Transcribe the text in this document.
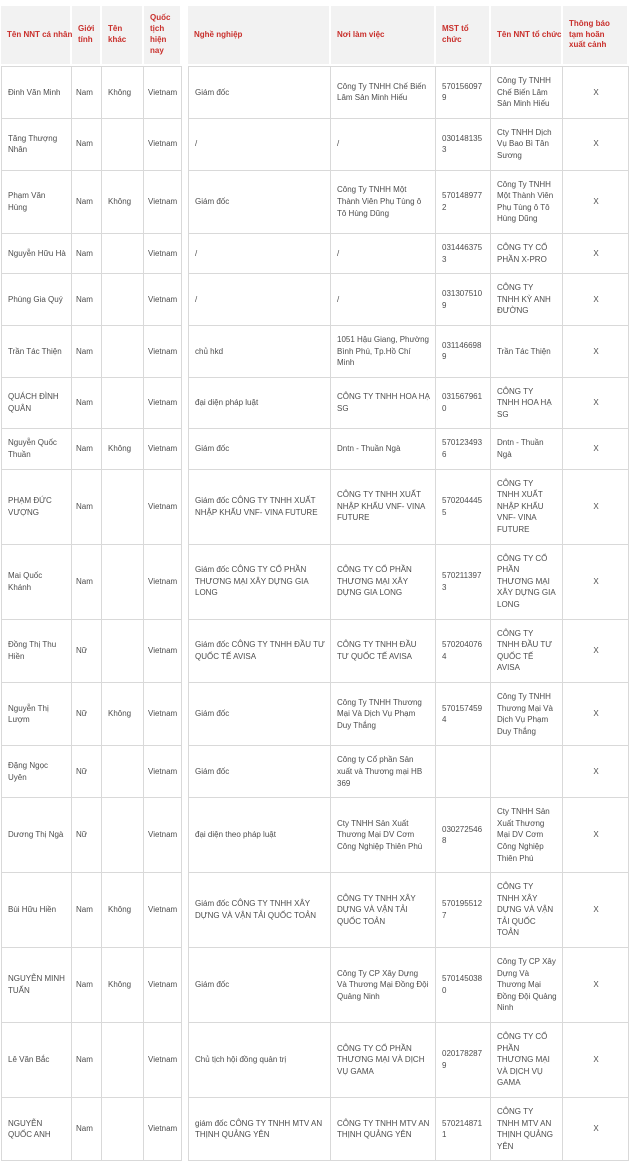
Tên NNT cá nhân	Giới tính	Tên khác	Quốc tịch hiện nay		Nghề nghiệp	Nơi làm việc	MST tổ chức	Tên NNT tổ chức	Thông báo tạm hoãn xuất cảnh
Đinh Văn Minh	Nam	Không	Vietnam		Giám đốc	Công Ty TNHH Chế Biến Lâm Sản Minh Hiếu	5701560979	Công Ty TNHH Chế Biến Lâm Sản Minh Hiếu	X
Tăng Thượng Nhân	Nam		Vietnam		/	/	0301481353	Cty TNHH Dịch Vụ Bao Bì Tân Sương	X
Phạm Văn Hùng	Nam	Không	Vietnam		Giám đốc	Công Ty TNHH Một Thành Viên Phụ Tùng ô Tô Hùng Dũng	5701489772	Công Ty TNHH Một Thành Viên Phụ Tùng ô Tô Hùng Dũng	X
Nguyễn Hữu Hà	Nam		Vietnam		/	/	0314463753	CÔNG TY CỔ PHẦN X-PRO	X
Phùng Gia Quý	Nam		Vietnam		/	/	0313075109	CÔNG TY TNHH KỲ ANH ĐƯỜNG	X
Trần Tác Thiện	Nam		Vietnam		chủ hkd	1051 Hậu Giang, Phường Bình Phú, Tp.Hồ Chí Minh	0311466989	Trần Tác Thiện	X
QUÁCH ĐÌNH QUÂN	Nam		Vietnam		đại diện pháp luật	CÔNG TY TNHH HOA HẠ SG	0315679610	CÔNG TY TNHH HOA HẠ SG	X
Nguyễn Quốc Thuần	Nam	Không	Vietnam		Giám đốc	Dntn - Thuần Ngà	5701234936	Dntn - Thuần Ngà	X
PHẠM ĐỨC VƯỢNG	Nam		Vietnam		Giám đốc CÔNG TY TNHH XUẤT NHẬP KHẨU VNF- VINA FUTURE	CÔNG TY TNHH XUẤT NHẬP KHẨU VNF- VINA FUTURE	5702044455	CÔNG TY TNHH XUẤT NHẬP KHẨU VNF- VINA FUTURE	X
Mai Quốc Khánh	Nam		Vietnam		Giám đốc CÔNG TY CỔ PHẦN THƯƠNG MẠI XÂY DỰNG GIA LONG	CÔNG TY CỔ PHẦN THƯƠNG MẠI XÂY DỰNG GIA LONG	5702113973	CÔNG TY CỔ PHẦN THƯƠNG MẠI XÂY DỰNG GIA LONG	X
Đồng Thị Thu Hiền	Nữ		Vietnam		Giám đốc CÔNG TY TNHH ĐẦU TƯ QUỐC TẾ AVISA	CÔNG TY TNHH ĐẦU TƯ QUỐC TẾ AVISA	5702040764	CÔNG TY TNHH ĐẦU TƯ QUỐC TẾ AVISA	X
Nguyễn Thị Lượm	Nữ	Không	Vietnam		Giám đốc	Công Ty TNHH Thương Mại Và Dịch Vụ Phạm Duy Thắng	5701574594	Công Ty TNHH Thương Mại Và Dịch Vụ Phạm Duy Thắng	X
Đặng Ngọc Uyên	Nữ		Vietnam		Giám đốc	Công ty Cổ phần Sản xuất và Thương mại HB 369			X
Dương Thị Ngà	Nữ		Vietnam		đại diện theo pháp luật	Cty TNHH Sản Xuất Thương Mại DV Cơm Công Nghiệp Thiên Phú	0302725468	Cty TNHH Sản Xuất Thương Mại DV Cơm Công Nghiệp Thiên Phú	X
Bùi Hữu Hiền	Nam	Không	Vietnam		Giám đốc CÔNG TY TNHH XÂY DỰNG VÀ VẬN TẢI QUỐC TOẢN	CÔNG TY TNHH XÂY DỰNG VÀ VẬN TẢI QUỐC TOẢN	5701955127	CÔNG TY TNHH XÂY DỰNG VÀ VẬN TẢI QUỐC TOẢN	X
NGUYỄN MINH TUẤN	Nam	Không	Vietnam		Giám đốc	Công Ty CP Xây Dựng Và Thương Mại Đồng Đội Quảng Ninh	5701450380	Công Ty CP Xây Dựng Và Thương Mại Đồng Đội Quảng Ninh	X
Lê Văn Bắc	Nam		Vietnam		Chủ tịch hội đồng quản trị	CÔNG TY CỔ PHẦN THƯƠNG MẠI VÀ DỊCH VỤ GAMA	0201782879	CÔNG TY CỔ PHẦN THƯƠNG MẠI VÀ DỊCH VỤ GAMA	X
NGUYỄN QUỐC ANH	Nam		Vietnam		giám đốc CÔNG TY TNHH MTV AN THỊNH QUẢNG YÊN	CÔNG TY TNHH MTV AN THỊNH QUẢNG YÊN	5702148711	CÔNG TY TNHH MTV AN THỊNH QUẢNG YÊN	X
